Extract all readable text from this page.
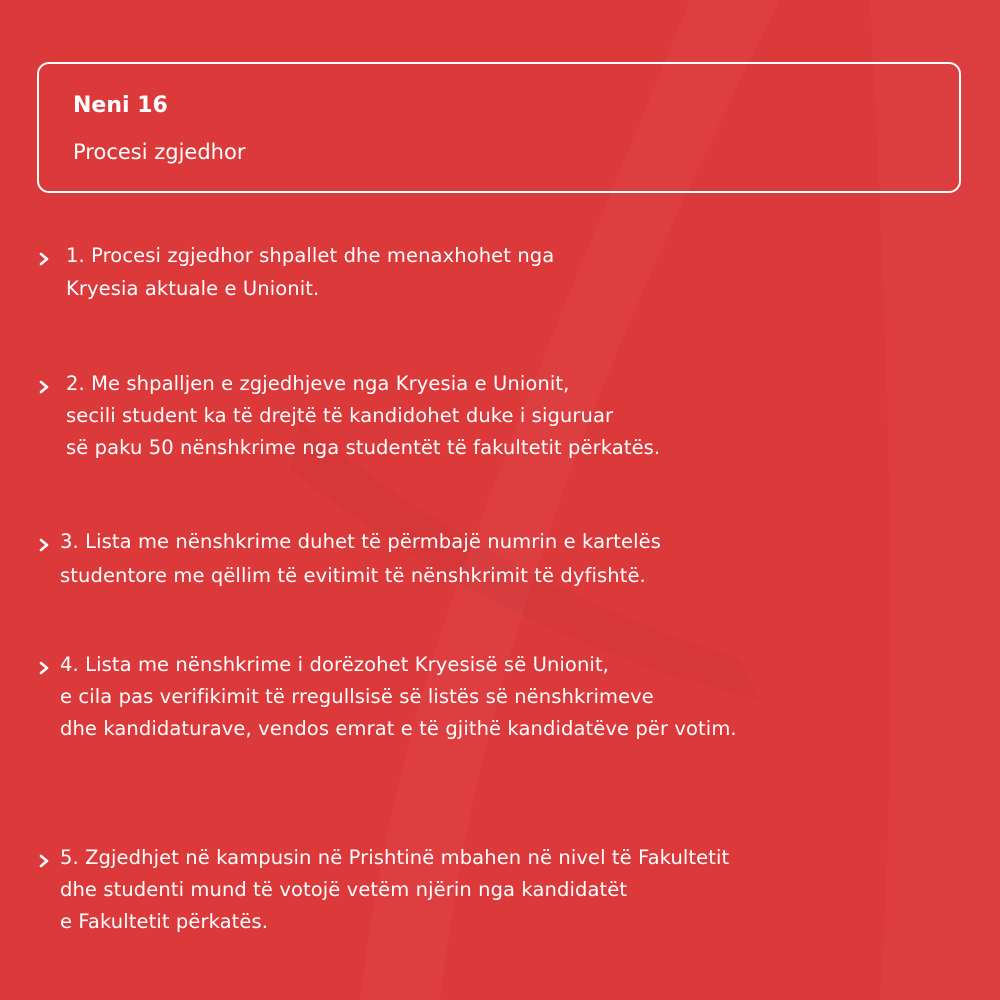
Neni 16
Procesi zgjedhor
1. Procesi zgjedhor shpallet dhe menaxhohet nga
Kryesia aktuale e Unionit.
2. Me shpalljen e zgjedhjeve nga Kryesia e Unionit,
secili student ka të drejtë të kandidohet duke i siguruar
së paku 50 nënshkrime nga studentët të fakultetit përkatës.
3. Lista me nënshkrime duhet të përmbajë numrin e kartelës
studentore me qëllim të evitimit të nënshkrimit të dyfishtë.
4. Lista me nënshkrime i dorëzohet Kryesisë së Unionit,
e cila pas verifikimit të rregullsisë së listës së nënshkrimeve
dhe kandidaturave, vendos emrat e të gjithë kandidatëve për votim.
5. Zgjedhjet në kampusin në Prishtinë mbahen në nivel të Fakultetit
dhe studenti mund të votojë vetëm njërin nga kandidatët
e Fakultetit përkatës.
